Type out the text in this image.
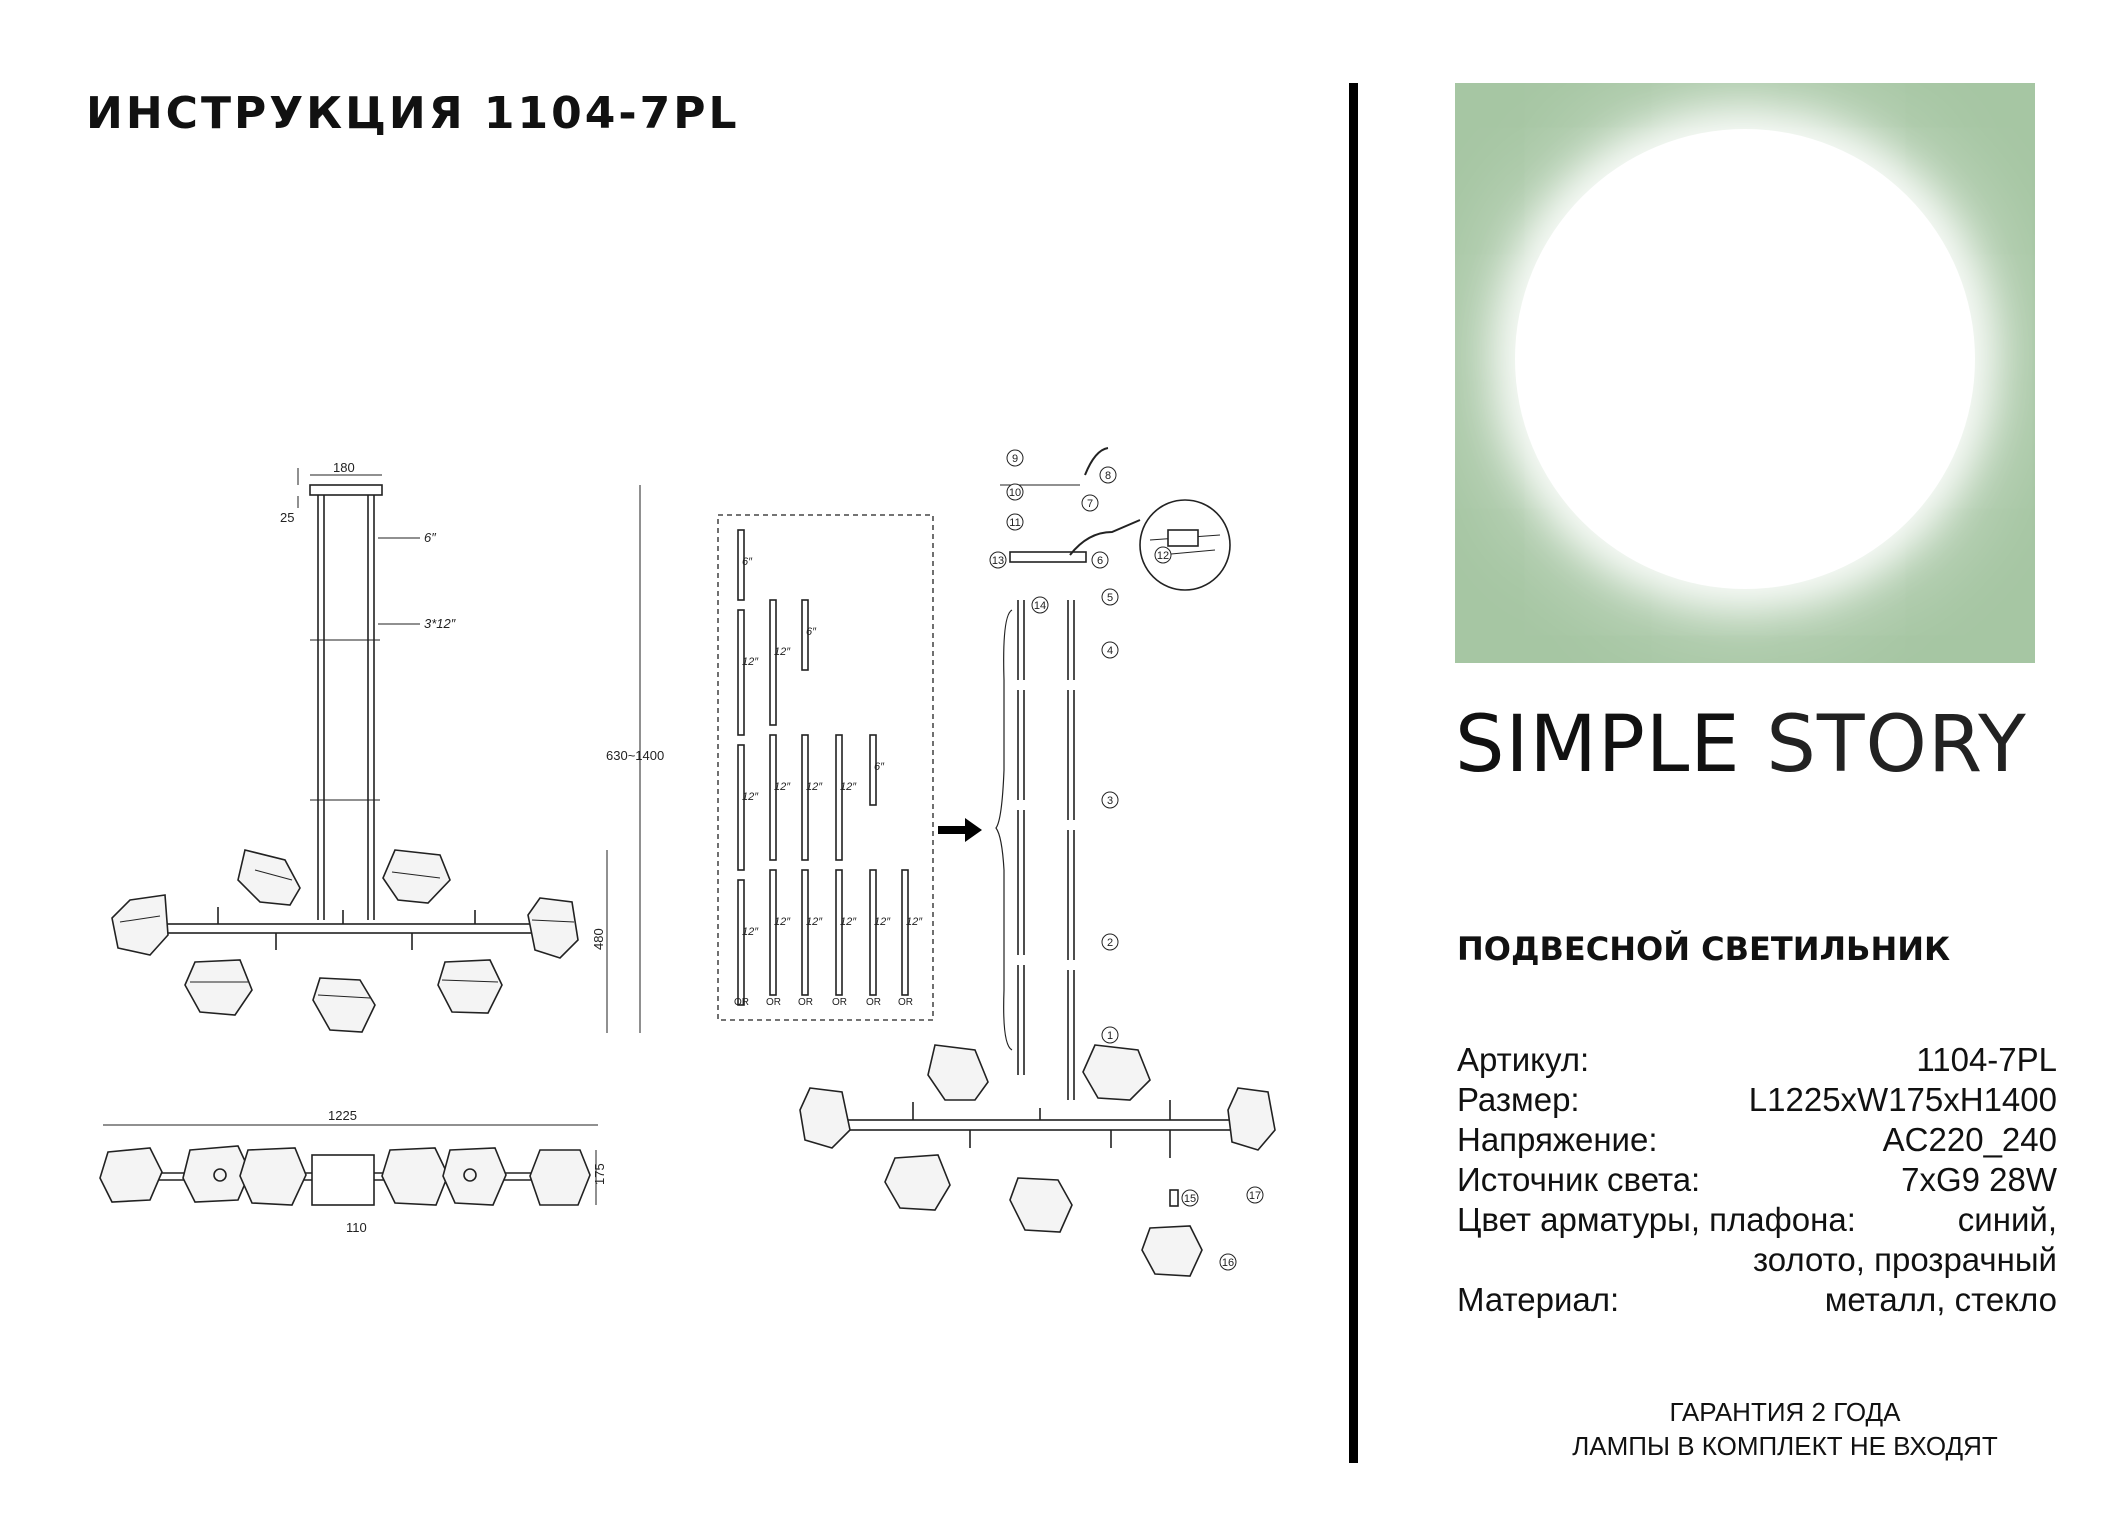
ИНСТРУКЦИЯ 1104-7PL
180
25
6″
3*12″
630~1400
480
1225
175
110
6″
12″
12″
12″
OR
12″
12″
12″
OR
6″
12″
12″
OR
12″
12″
OR
6″
12″
OR
12″
OR
1
2
3
4
5
6
7
8
9
10
11
12
13
14
15
16
17
SIMPLE STORY
ПОДВЕСНОЙ СВЕТИЛЬНИК
Артикул:	1104-7PL
Размер:	L1225xW175xH1400
Напряжение:	AC220_240
Источник света:	7xG9 28W
Цвет арматуры, плафона:	синий,
золото, прозрачный
Материал:	металл, стекло
ГАРАНТИЯ 2 ГОДА
ЛАМПЫ В КОМПЛЕКТ НЕ ВХОДЯТ
